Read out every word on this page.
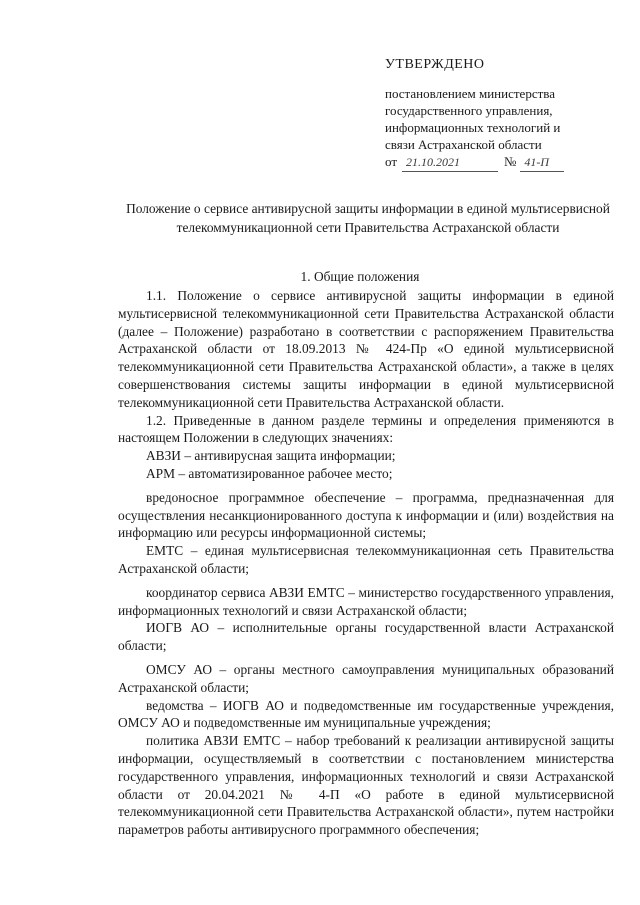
УТВЕРЖДЕНО
постановлением министерства
государственного управления,
информационных технологий и
связи Астраханской области
от 21.10.2021	№ 41-П
Положение о сервисе антивирусной защиты информации в единой мультисервисной телекоммуникационной сети Правительства Астраханской области
1. Общие положения

1.1. Положение о сервисе антивирусной защиты информации в единой мультисервисной телекоммуникационной сети Правительства Астраханской области (далее – Положение) разработано в соответствии с распоряжением Правительства Астраханской области от 18.09.2013 № 424-Пр «О единой мультисервисной телекоммуникационной сети Правительства Астраханской области», а также в целях совершенствования системы защиты информации в единой мультисервисной телекоммуникационной сети Правительства Астраханской области.

1.2. Приведенные в данном разделе термины и определения применяются в настоящем Положении в следующих значениях:

АВЗИ – антивирусная защита информации;

АРМ – автоматизированное рабочее место;

вредоносное программное обеспечение – программа, предназначенная для осуществления несанкционированного доступа к информации и (или) воздействия на информацию или ресурсы информационной системы;

ЕМТС – единая мультисервисная телекоммуникационная сеть Правительства Астраханской области;

координатор сервиса АВЗИ ЕМТС – министерство государственного управления, информационных технологий и связи Астраханской области;

ИОГВ АО – исполнительные органы государственной власти Астраханской области;

ОМСУ АО – органы местного самоуправления муниципальных образований Астраханской области;

ведомства – ИОГВ АО и подведомственные им государственные учреждения, ОМСУ АО и подведомственные им муниципальные учреждения;

политика АВЗИ ЕМТС – набор требований к реализации антивирусной защиты информации, осуществляемый в соответствии с постановлением министерства государственного управления, информационных технологий и связи Астраханской области от 20.04.2021 № 4-П «О работе в единой мультисервисной телекоммуникационной сети Правительства Астраханской области», путем настройки параметров работы антивирусного программного обеспечения;
